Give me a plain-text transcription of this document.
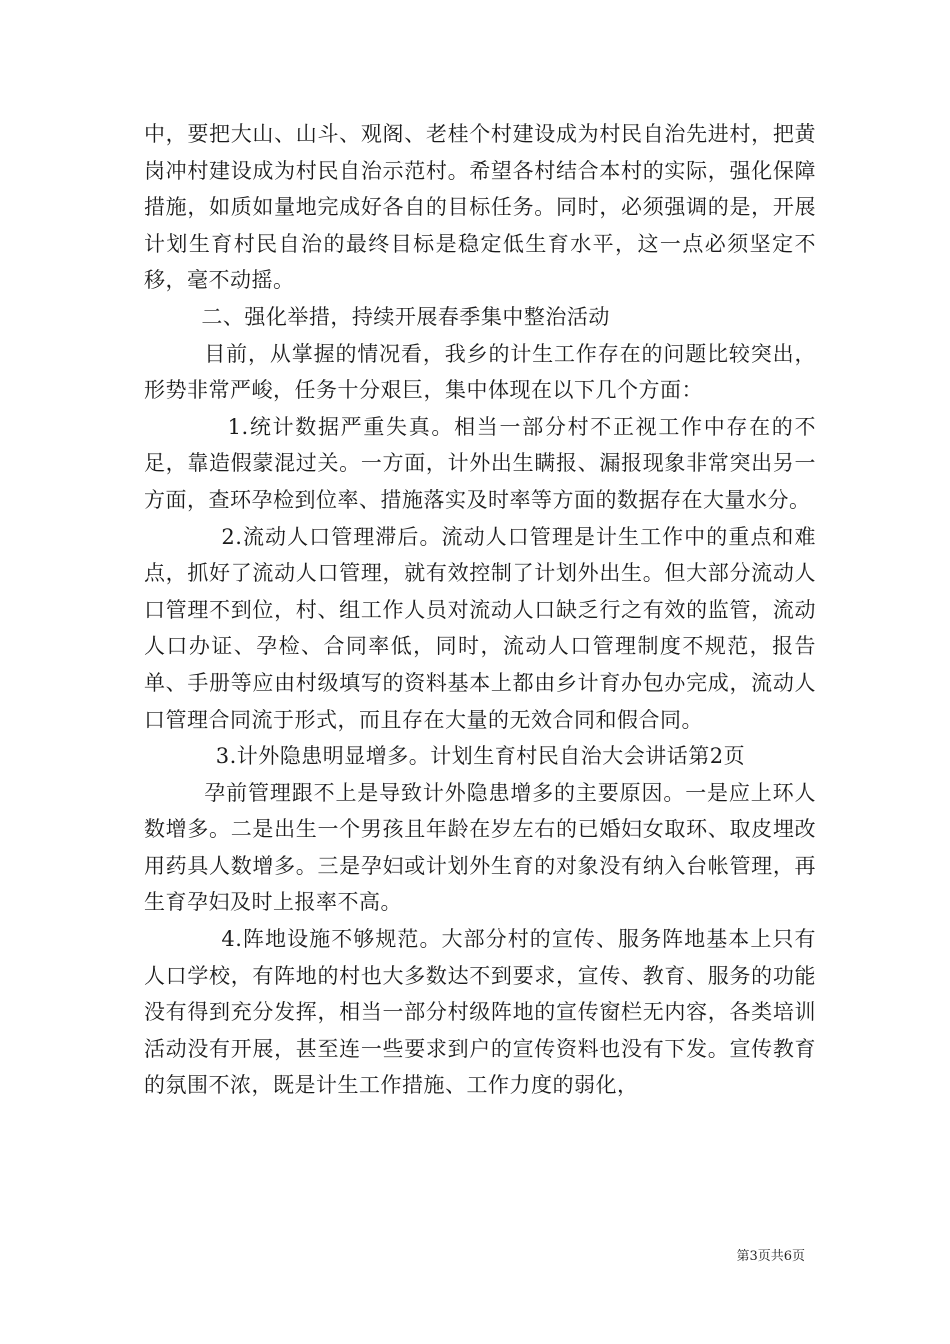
中，要把大山、山斗、观阁、老桂个村建设成为村民自治先进村，把黄岗冲村建设成为村民自治示范村。希望各村结合本村的实际，强化保障措施，如质如量地完成好各自的目标任务。同时，必须强调的是，开展计划生育村民自治的最终目标是稳定低生育水平，这一点必须坚定不移，毫不动摇。

二、强化举措，持续开展春季集中整治活动

目前，从掌握的情况看，我乡的计生工作存在的问题比较突出，形势非常严峻，任务十分艰巨，集中体现在以下几个方面：

1.统计数据严重失真。相当一部分村不正视工作中存在的不足，靠造假蒙混过关。一方面，计外出生瞒报、漏报现象非常突出另一方面，查环孕检到位率、措施落实及时率等方面的数据存在大量水分。

2.流动人口管理滞后。流动人口管理是计生工作中的重点和难点，抓好了流动人口管理，就有效控制了计划外出生。但大部分流动人口管理不到位，村、组工作人员对流动人口缺乏行之有效的监管，流动人口办证、孕检、合同率低，同时，流动人口管理制度不规范，报告单、手册等应由村级填写的资料基本上都由乡计育办包办完成，流动人口管理合同流于形式，而且存在大量的无效合同和假合同。

3.计外隐患明显增多。计划生育村民自治大会讲话第2页

孕前管理跟不上是导致计外隐患增多的主要原因。一是应上环人数增多。二是出生一个男孩且年龄在岁左右的已婚妇女取环、取皮埋改用药具人数增多。三是孕妇或计划外生育的对象没有纳入台帐管理，再生育孕妇及时上报率不高。

4.阵地设施不够规范。大部分村的宣传、服务阵地基本上只有人口学校，有阵地的村也大多数达不到要求，宣传、教育、服务的功能没有得到充分发挥，相当一部分村级阵地的宣传窗栏无内容，各类培训活动没有开展，甚至连一些要求到户的宣传资料也没有下发。宣传教育的氛围不浓，既是计生工作措施、工作力度的弱化，

第3页共6页
